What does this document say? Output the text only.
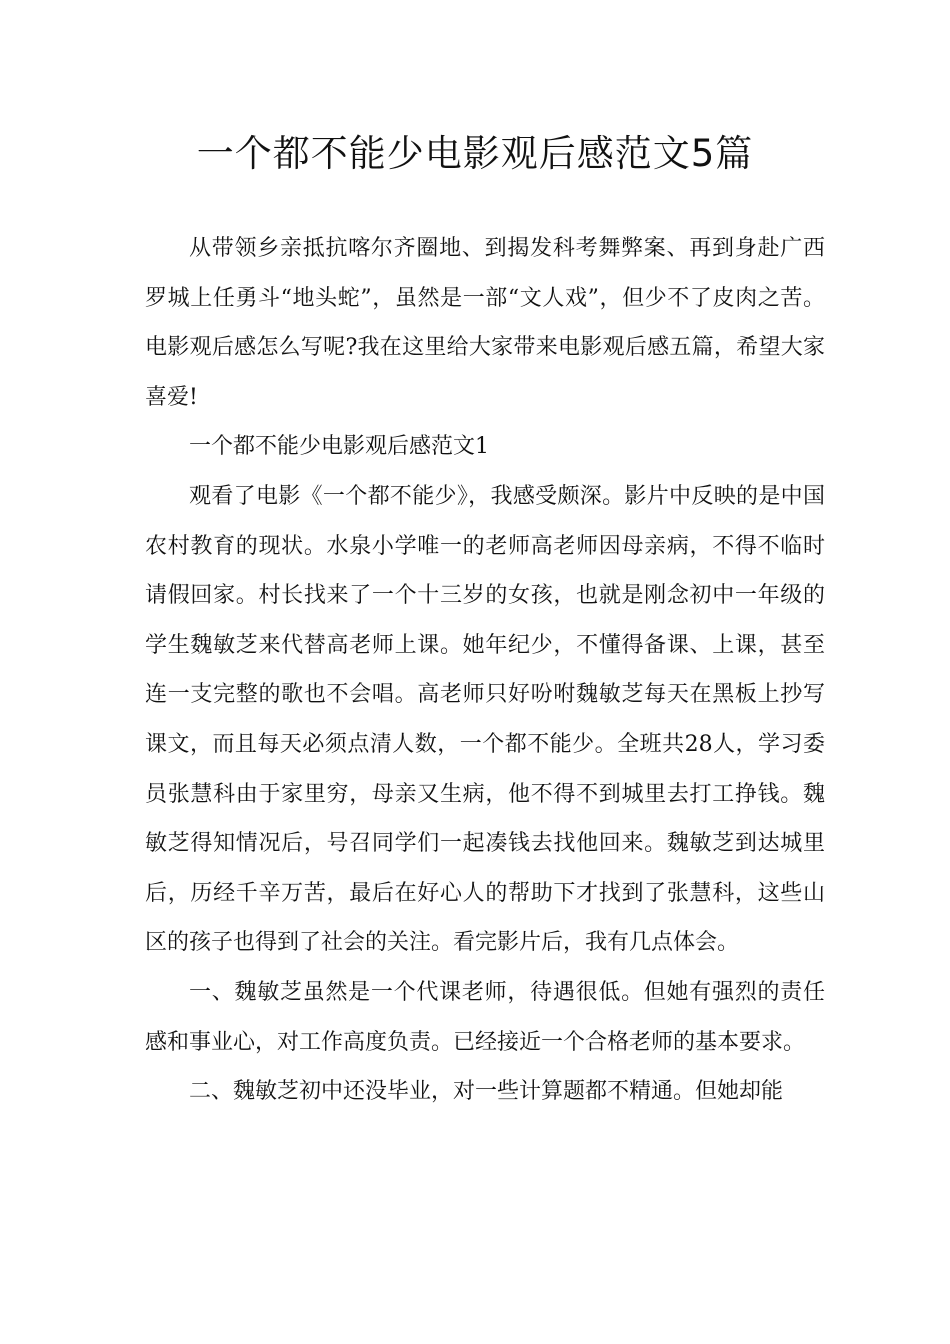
一个都不能少电影观后感范文5篇

从带领乡亲抵抗喀尔齐圈地、到揭发科考舞弊案、再到身赴广西罗城上任勇斗“地头蛇”，虽然是一部“文人戏”，但少不了皮肉之苦。电影观后感怎么写呢?我在这里给大家带来电影观后感五篇，希望大家喜爱!

一个都不能少电影观后感范文1

观看了电影《一个都不能少》，我感受颇深。影片中反映的是中国农村教育的现状。水泉小学唯一的老师高老师因母亲病，不得不临时请假回家。村长找来了一个十三岁的女孩，也就是刚念初中一年级的学生魏敏芝来代替高老师上课。她年纪少，不懂得备课、上课，甚至连一支完整的歌也不会唱。高老师只好吩咐魏敏芝每天在黑板上抄写课文，而且每天必须点清人数，一个都不能少。全班共28人，学习委员张慧科由于家里穷，母亲又生病，他不得不到城里去打工挣钱。魏敏芝得知情况后，号召同学们一起凑钱去找他回来。魏敏芝到达城里后，历经千辛万苦，最后在好心人的帮助下才找到了张慧科，这些山区的孩子也得到了社会的关注。看完影片后，我有几点体会。

一、魏敏芝虽然是一个代课老师，待遇很低。但她有强烈的责任感和事业心，对工作高度负责。已经接近一个合格老师的基本要求。

二、魏敏芝初中还没毕业，对一些计算题都不精通。但她却能
